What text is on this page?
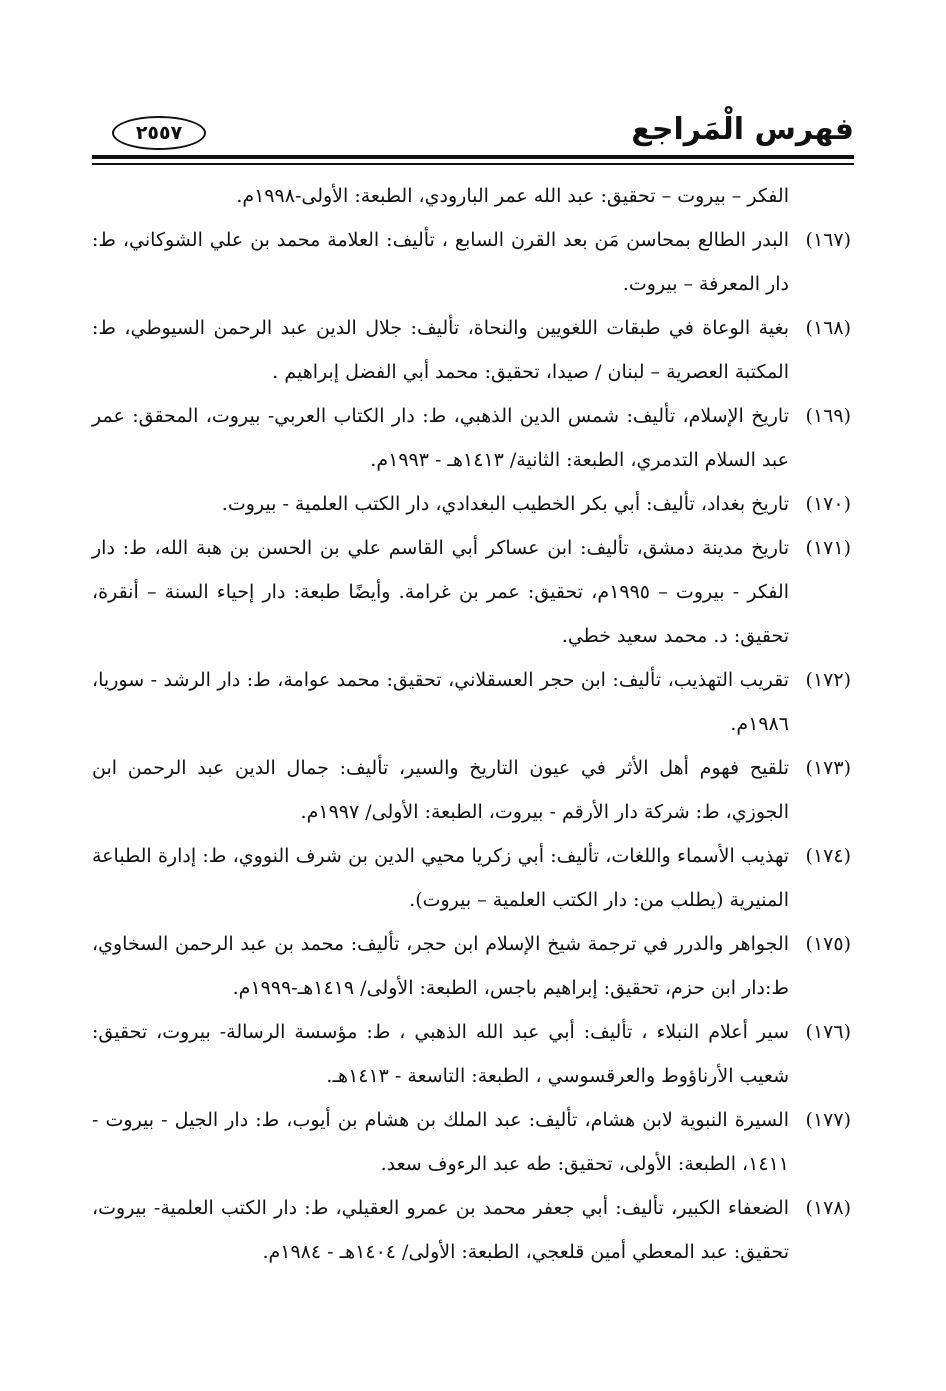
فهرس الْمَراجع
٢٥٥٧
الفكر – بيروت – تحقيق: عبد الله عمر البارودي، الطبعة: الأولى-١٩٩٨م.
(١٦٧)
البدر الطالع بمحاسن مَن بعد القرن السابع ، تأليف: العلامة محمد بن علي الشوكاني، ط: دار المعرفة – بيروت.
(١٦٨)
بغية الوعاة في طبقات اللغويين والنحاة، تأليف: جلال الدين عبد الرحمن السيوطي، ط: المكتبة العصرية – لبنان / صيدا، تحقيق: محمد أبي الفضل إبراهيم .
(١٦٩)
تاريخ الإسلام، تأليف: شمس الدين الذهبي، ط: دار الكتاب العربي- بيروت، المحقق: عمر عبد السلام التدمري، الطبعة: الثانية/ ١٤١٣هـ - ١٩٩٣م.
(١٧٠)
تاريخ بغداد، تأليف: أبي بكر الخطيب البغدادي، دار الكتب العلمية - بيروت.
(١٧١)
تاريخ مدينة دمشق، تأليف: ابن عساكر أبي القاسم علي بن الحسن بن هبة الله، ط: دار الفكر - بيروت – ١٩٩٥م، تحقيق: عمر بن غرامة. وأيضًا طبعة: دار إحياء السنة – أنقرة، تحقيق: د. محمد سعيد خطي.
(١٧٢)
تقريب التهذيب، تأليف: ابن حجر العسقلاني، تحقيق: محمد عوامة، ط: دار الرشد - سوريا، ١٩٨٦م.
(١٧٣)
تلقيح فهوم أهل الأثر في عيون التاريخ والسير، تأليف: جمال الدين عبد الرحمن ابن الجوزي، ط: شركة دار الأرقم - بيروت، الطبعة: الأولى/ ١٩٩٧م.
(١٧٤)
تهذيب الأسماء واللغات، تأليف: أبي زكريا محيي الدين بن شرف النووي، ط: إدارة الطباعة المنيرية (يطلب من: دار الكتب العلمية – بيروت).
(١٧٥)
الجواهر والدرر في ترجمة شيخ الإسلام ابن حجر، تأليف: محمد بن عبد الرحمن السخاوي، ط:دار ابن حزم، تحقيق: إبراهيم باجس، الطبعة: الأولى/ ١٤١٩هـ-١٩٩٩م.
(١٧٦)
سير أعلام النبلاء ، تأليف: أبي عبد الله الذهبي ، ط: مؤسسة الرسالة- بيروت، تحقيق: شعيب الأرناؤوط والعرقسوسي ، الطبعة: التاسعة - ١٤١٣هـ.
(١٧٧)
السيرة النبوية لابن هشام، تأليف: عبد الملك بن هشام بن أيوب، ط: دار الجيل - بيروت - ١٤١١، الطبعة: الأولى، تحقيق: طه عبد الرءوف سعد.
(١٧٨)
الضعفاء الكبير، تأليف: أبي جعفر محمد بن عمرو العقيلي، ط: دار الكتب العلمية- بيروت، تحقيق: عبد المعطي أمين قلعجي، الطبعة: الأولى/ ١٤٠٤هـ - ١٩٨٤م.
